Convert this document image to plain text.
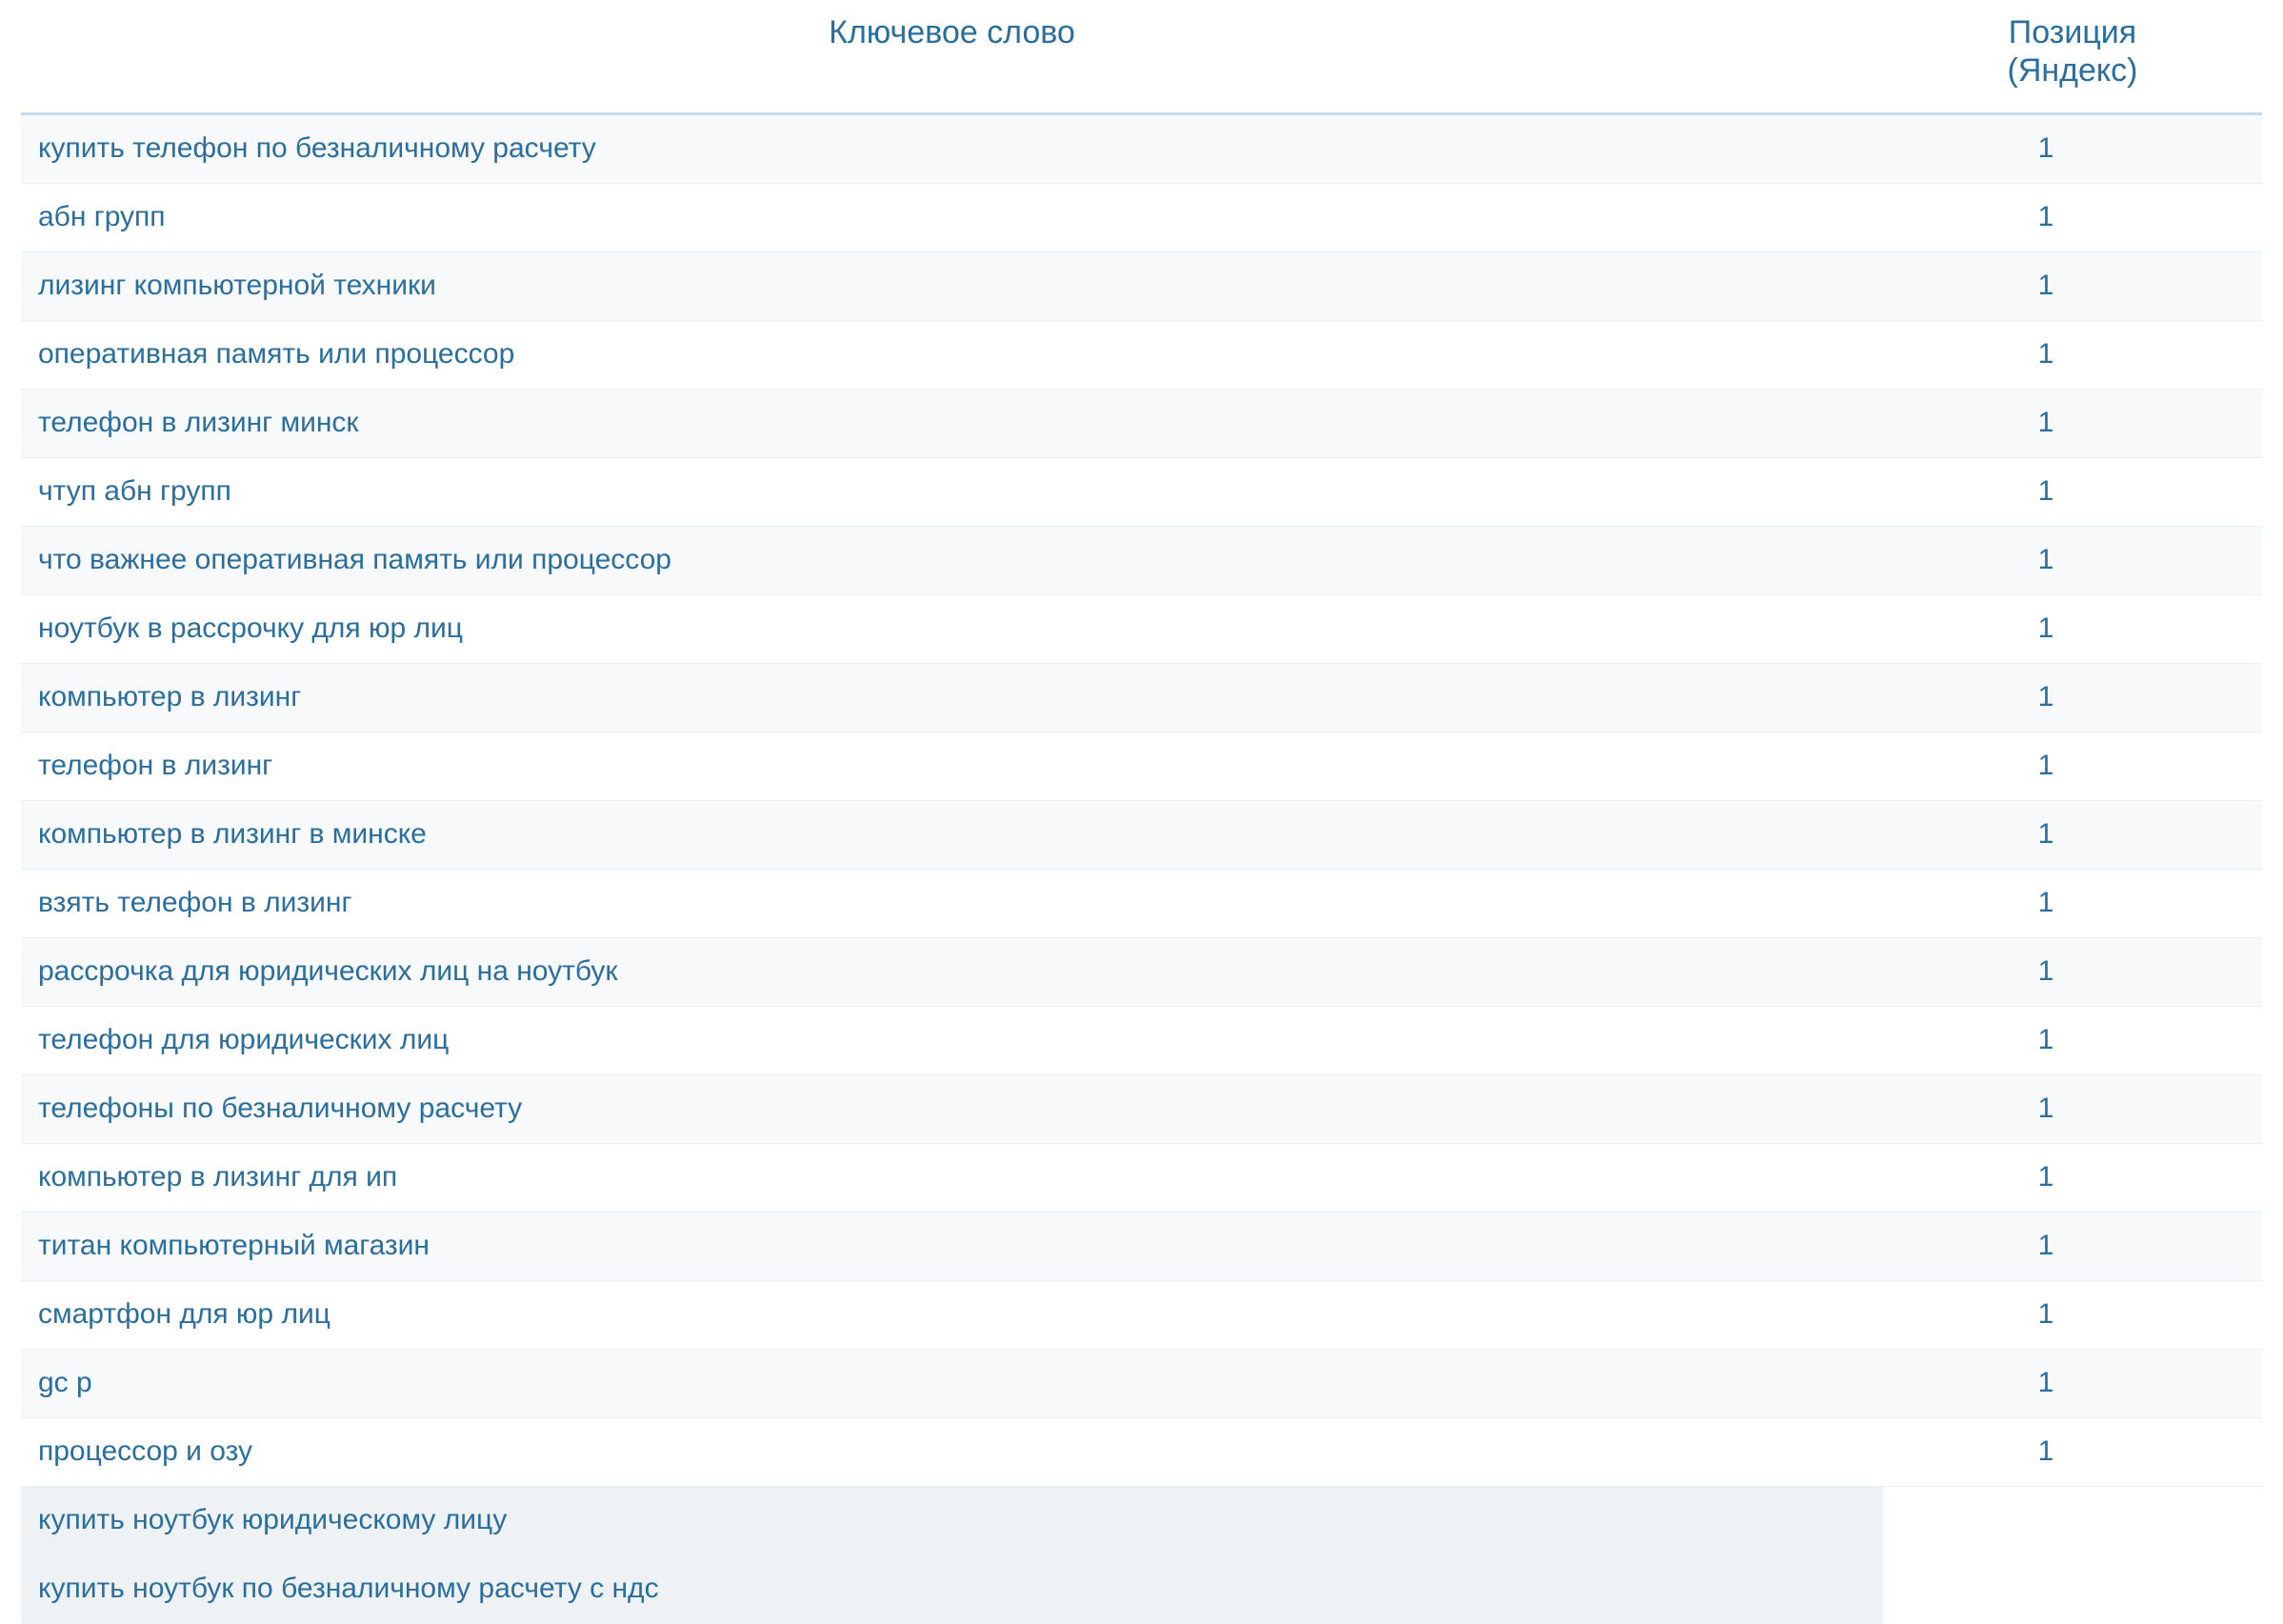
Ключевое слово	Позиция
(Яндекс)

купить телефон по безналичному расчету	1
абн групп	1
лизинг компьютерной техники	1
оперативная память или процессор	1
телефон в лизинг минск	1
чтуп абн групп	1
что важнее оперативная память или процессор	1
ноутбук в рассрочку для юр лиц	1
компьютер в лизинг	1
телефон в лизинг	1
компьютер в лизинг в минске	1
взять телефон в лизинг	1
рассрочка для юридических лиц на ноутбук	1
телефон для юридических лиц	1
телефоны по безналичному расчету	1
компьютер в лизинг для ип	1
титан компьютерный магазин	1
смартфон для юр лиц	1
gc p	1
процессор и озу	1
купить ноутбук юридическому лицу	
купить ноутбук по безналичному расчету с ндс	
